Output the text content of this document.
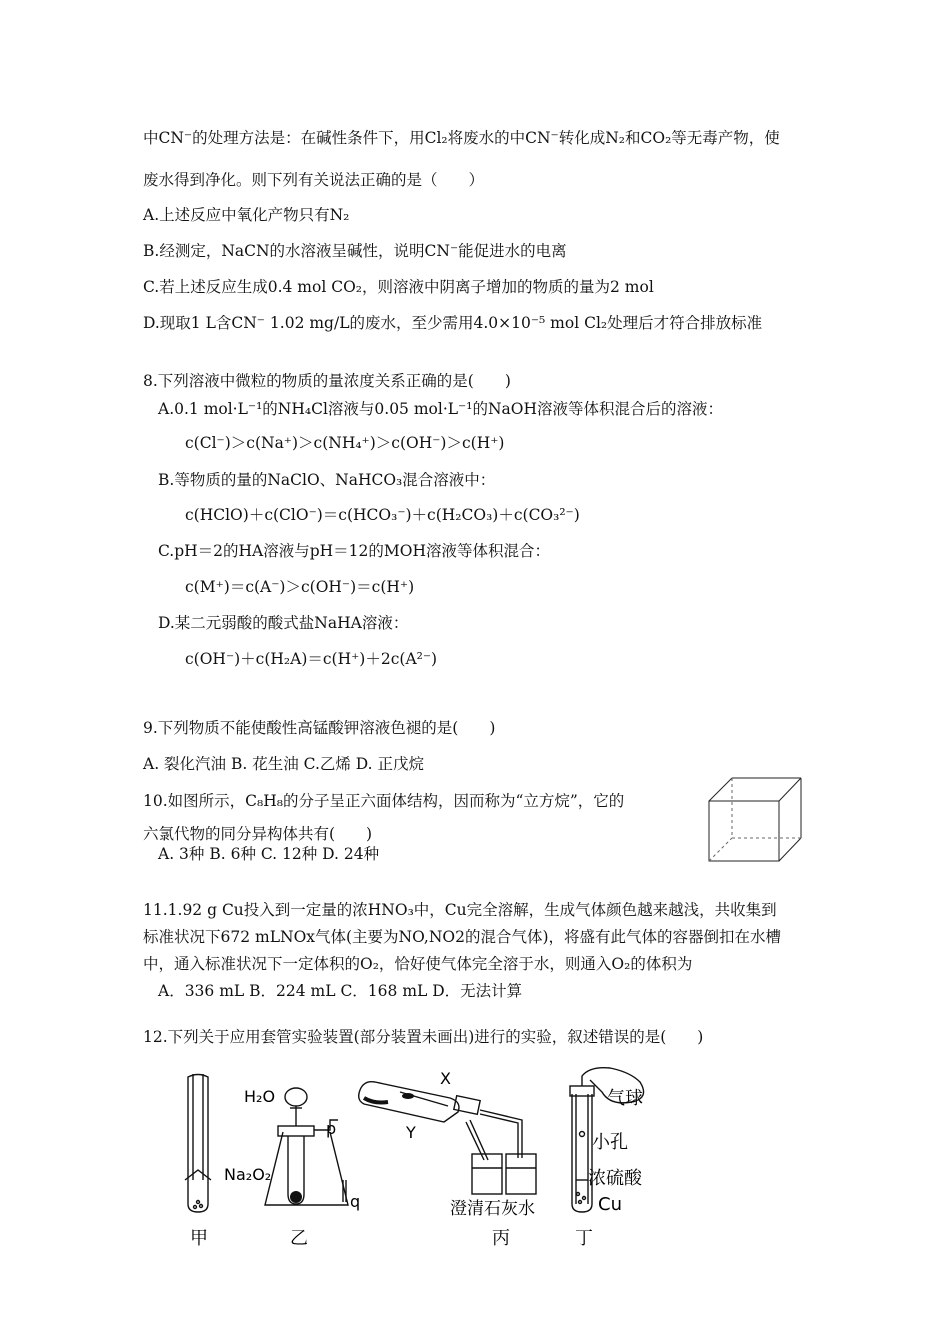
中CN⁻的处理方法是：在碱性条件下，用Cl₂将废水的中CN⁻转化成N₂和CO₂等无毒产物，使
废水得到净化。则下列有关说法正确的是（　　）
A.上述反应中氧化产物只有N₂
B.经测定，NaCN的水溶液呈碱性，说明CN⁻能促进水的电离
C.若上述反应生成0.4 mol CO₂，则溶液中阴离子增加的物质的量为2 mol
D.现取1 L含CN⁻ 1.02 mg/L的废水，至少需用4.0×10⁻⁵ mol Cl₂处理后才符合排放标准
8.下列溶液中微粒的物质的量浓度关系正确的是(　　)
A.0.1 mol·L⁻¹的NH₄Cl溶液与0.05 mol·L⁻¹的NaOH溶液等体积混合后的溶液：
c(Cl⁻)＞c(Na⁺)＞c(NH₄⁺)＞c(OH⁻)＞c(H⁺)
B.等物质的量的NaClO、NaHCO₃混合溶液中：
c(HClO)＋c(ClO⁻)＝c(HCO₃⁻)＋c(H₂CO₃)＋c(CO₃²⁻)
C.pH＝2的HA溶液与pH＝12的MOH溶液等体积混合：
c(M⁺)＝c(A⁻)＞c(OH⁻)＝c(H⁺)
D.某二元弱酸的酸式盐NaHA溶液：
c(OH⁻)＋c(H₂A)＝c(H⁺)＋2c(A²⁻)
9.下列物质不能使酸性高锰酸钾溶液色褪的是(　　)
A. 裂化汽油 B. 花生油 C.乙烯 D. 正戊烷
10.如图所示，C₈H₈的分子呈正六面体结构，因而称为“立方烷”，它的
六氯代物的同分异构体共有(　　)
A. 3种 B. 6种 C. 12种 D. 24种
11.1.92 g Cu投入到一定量的浓HNO₃中，Cu完全溶解，生成气体颜色越来越浅，共收集到
标准状况下672 mLNOx气体(主要为NO,NO2的混合气体)，将盛有此气体的容器倒扣在水槽
中，通入标准状况下一定体积的O₂，恰好使气体完全溶于水，则通入O₂的体积为
A．336 mL B．224 mL C．168 mL D．无法计算
12.下列关于应用套管实验装置(部分装置未画出)进行的实验，叙述错误的是(　　)
甲
H₂O
p
q
Na₂O₂
乙
X
Y
澄清石灰水
丙
气球
小孔
浓硫酸
Cu
丁
